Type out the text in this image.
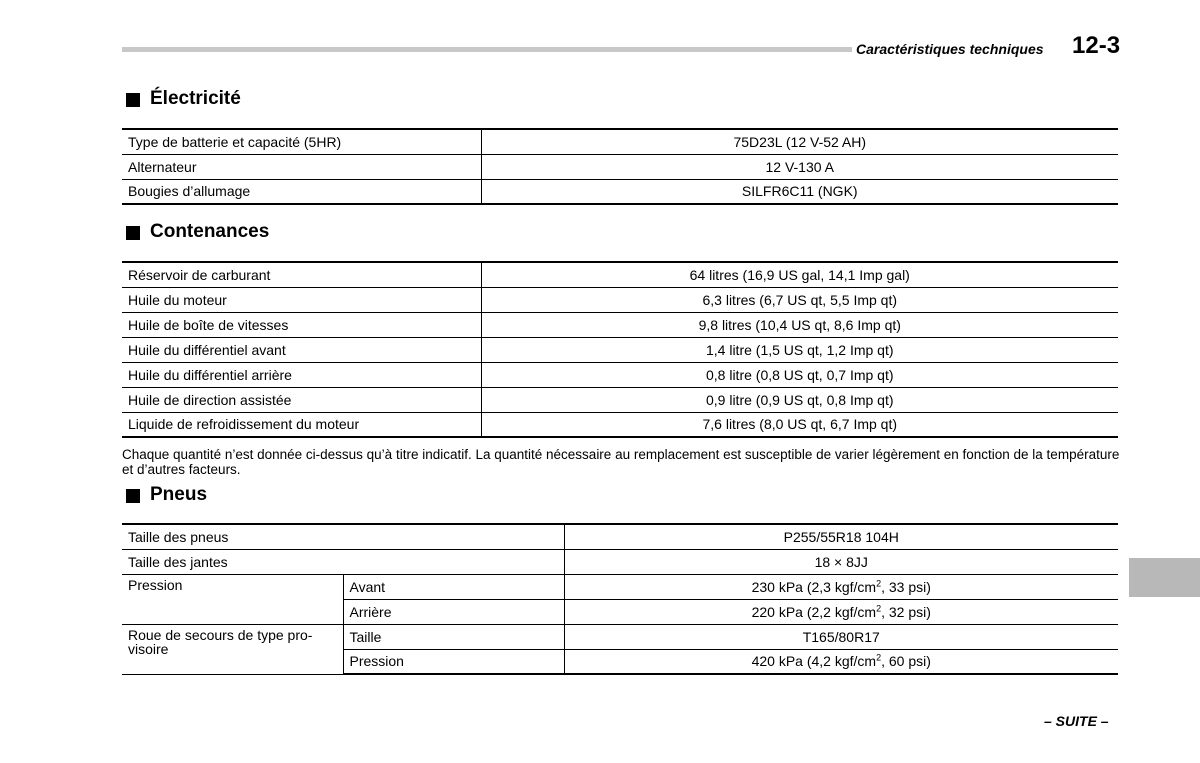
Caractéristiques techniques 12-3
Électricité
Type de batterie et capacité (5HR)	75D23L (12 V-52 AH)
Alternateur	12 V-130 A
Bougies d’allumage	SILFR6C11 (NGK)
Contenances
Réservoir de carburant	64 litres (16,9 US gal, 14,1 Imp gal)
Huile du moteur	6,3 litres (6,7 US qt, 5,5 Imp qt)
Huile de boîte de vitesses	9,8 litres (10,4 US qt, 8,6 Imp qt)
Huile du différentiel avant	1,4 litre (1,5 US qt, 1,2 Imp qt)
Huile du différentiel arrière	0,8 litre (0,8 US qt, 0,7 Imp qt)
Huile de direction assistée	0,9 litre (0,9 US qt, 0,8 Imp qt)
Liquide de refroidissement du moteur	7,6 litres (8,0 US qt, 6,7 Imp qt)
Chaque quantité n’est donnée ci-dessus qu’à titre indicatif. La quantité nécessaire au remplacement est susceptible de varier légèrement en fonction de la température et d’autres facteurs.
Pneus
Taille des pneus		P255/55R18 104H
Taille des jantes		18 × 8JJ
Pression	Avant	230 kPa (2,3 kgf/$cm^2$, 33 psi)
	Arrière	220 kPa (2,2 kgf/$cm^2$, 32 psi)
Roue de secours de type pro-visoire	Taille	T165/80R17
	Pression	420 kPa (4,2 kgf/$cm^2$, 60 psi)
– SUITE –
